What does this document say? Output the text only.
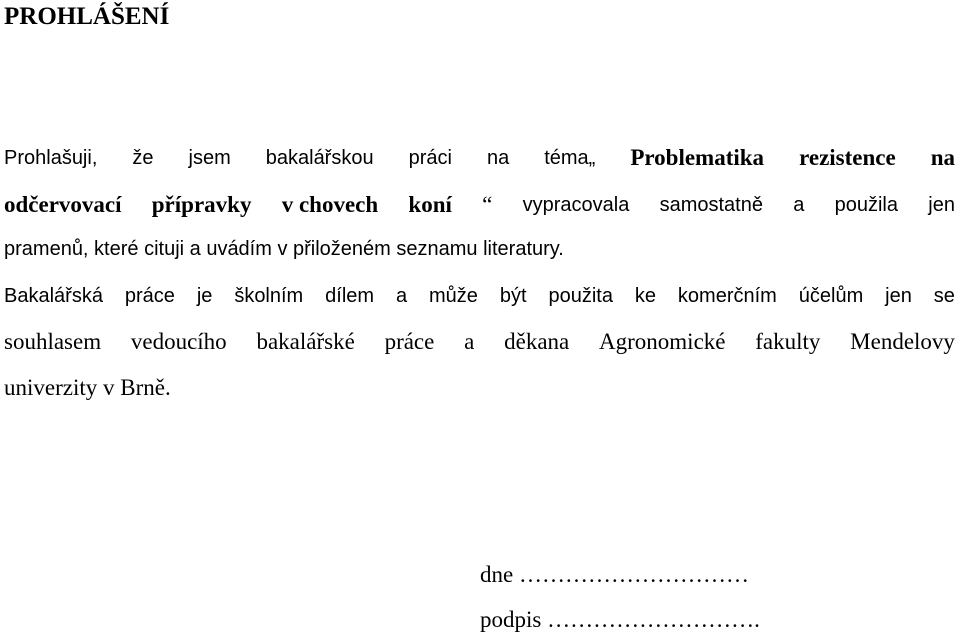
PROHLÁŠENÍ
Prohlašuji, že jsem bakalářskou práci na téma„ Problematika rezistence na
odčervovací přípravky v chovech koní “ vypracovala samostatně a použila jen
pramenů, které cituji a uvádím v přiloženém seznamu literatury.
Bakalářská práce je školním dílem a může být použita ke komerčním účelům jen se
souhlasem vedoucího bakalářské práce a děkana Agronomické fakulty Mendelovy
univerzity v Brně.
dne …………………………
podpis ……………………….
